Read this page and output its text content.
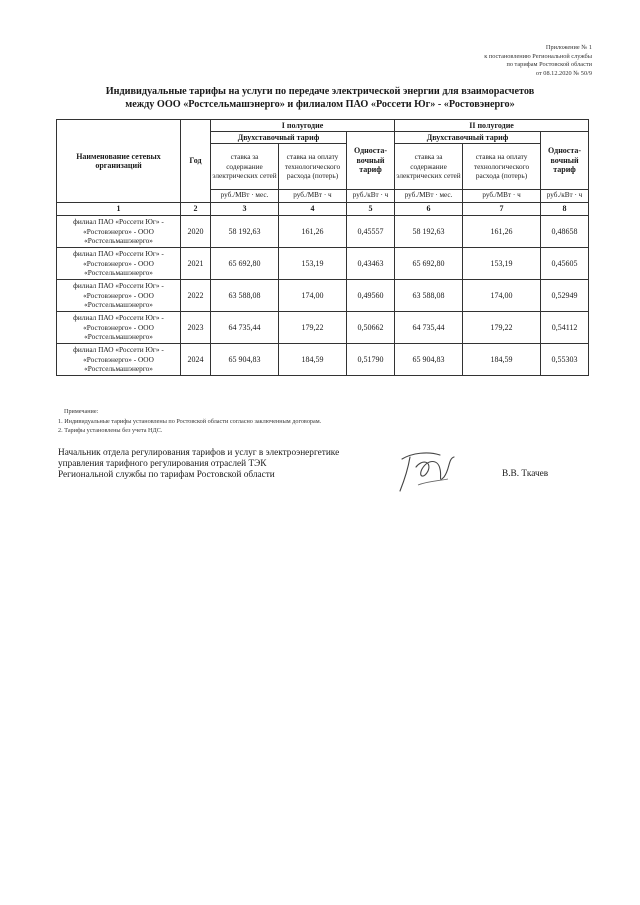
Приложение № 1
к постановлению Региональной службы
по тарифам Ростовской области
от 08.12.2020 № 50/9
Индивидуальные тарифы на услуги по передаче электрической энергии для взаиморасчетов
между ООО «Ростсельмашэнерго» и филиалом ПАО «Россети Юг» - «Ростовэнерго»
Наименование сетевых организаций	Год	I полугодие			II полугодие		
		Двухставочный тариф		Односта-вочный тариф	Двухставочный тариф		Односта-вочный тариф
		ставка за содержание электрических сетей	ставка на оплату технологического расхода (потерь)		ставка за содержание электрических сетей	ставка на оплату технологического расхода (потерь)	
		руб./МВт · мес.	руб./МВт · ч	руб./кВт · ч	руб./МВт · мес.	руб./МВт · ч	руб./кВт · ч
1	2	3	4	5	6	7	8
филиал ПАО «Россети Юг» - «Ростовэнерго» - ООО «Ростсельмашэнерго»	2020	58 192,63	161,26	0,45557	58 192,63	161,26	0,48658
филиал ПАО «Россети Юг» - «Ростовэнерго» - ООО «Ростсельмашэнерго»	2021	65 692,80	153,19	0,43463	65 692,80	153,19	0,45605
филиал ПАО «Россети Юг» - «Ростовэнерго» - ООО «Ростсельмашэнерго»	2022	63 588,08	174,00	0,49560	63 588,08	174,00	0,52949
филиал ПАО «Россети Юг» - «Ростовэнерго» - ООО «Ростсельмашэнерго»	2023	64 735,44	179,22	0,50662	64 735,44	179,22	0,54112
филиал ПАО «Россети Юг» - «Ростовэнерго» - ООО «Ростсельмашэнерго»	2024	65 904,83	184,59	0,51790	65 904,83	184,59	0,55303
Примечание:
1. Индивидуальные тарифы установлены по Ростовской области согласно заключенным договорам.
2. Тарифы установлены без учета НДС.
Начальник отдела регулирования тарифов и услуг в электроэнергетике
управления тарифного регулирования отраслей ТЭК
Региональной службы по тарифам Ростовской области	В.В. Ткачев
